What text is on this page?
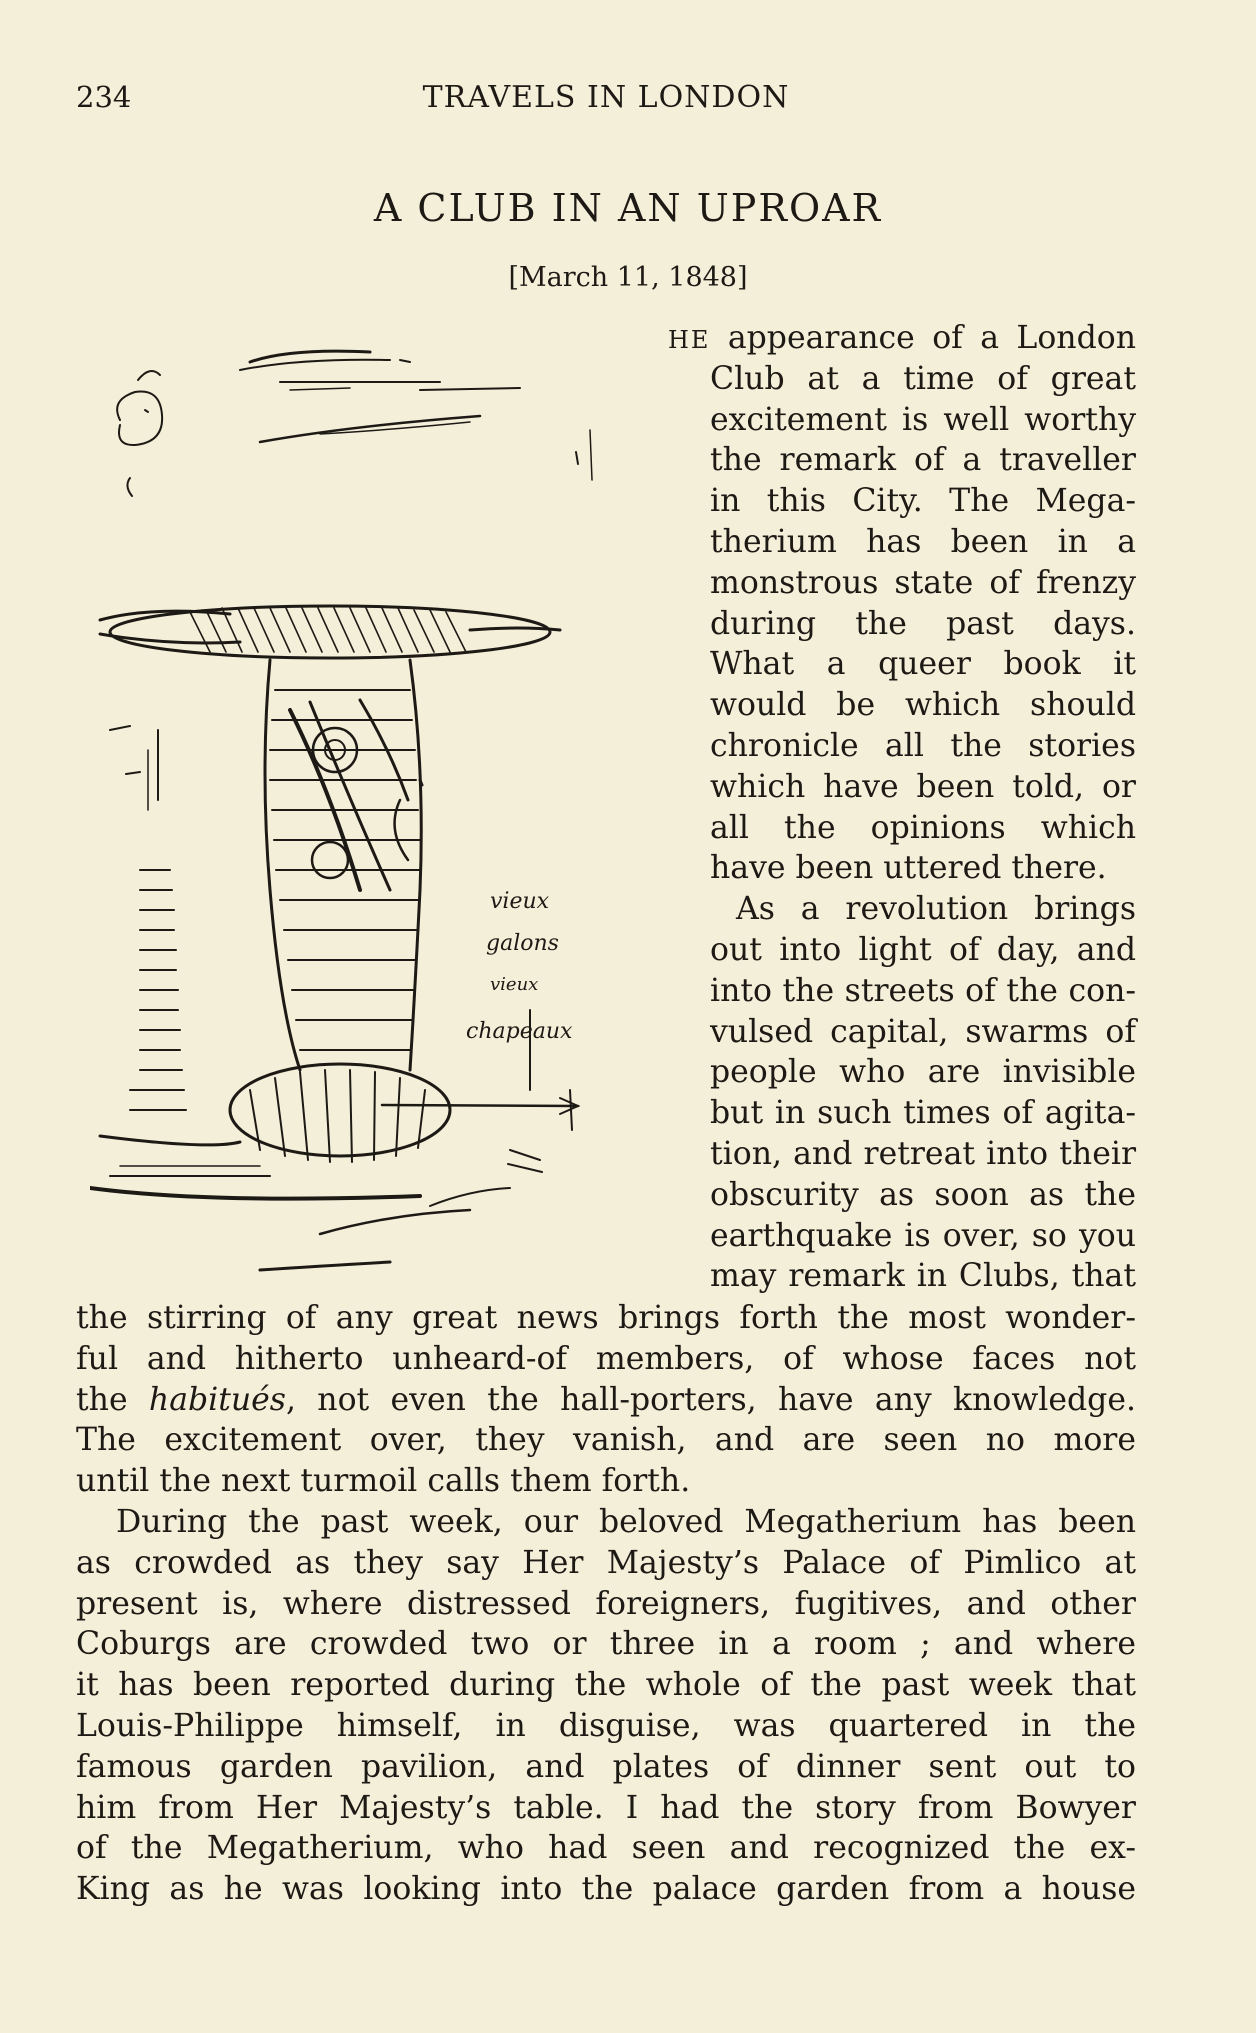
234	TRAVELS IN LONDON
A CLUB IN AN UPROAR
[March 11, 1848]
vieux
galons
vieux
chapeaux
HE appearance of a London
Club at a time of great
excitement is well worthy
the remark of a traveller
in this City. The Mega-
therium has been in a
monstrous state of frenzy
during the past days.
What a queer book it
would be which should
chronicle all the stories
which have been told, or
all the opinions which
have been uttered there.
As a revolution brings
out into light of day, and
into the streets of the con-
vulsed capital, swarms of
people who are invisible
but in such times of agita-
tion, and retreat into their
obscurity as soon as the
earthquake is over, so you
may remark in Clubs, that
the stirring of any great news brings forth the most wonder-
ful and hitherto unheard-of members, of whose faces not
the habitués, not even the hall-porters, have any knowledge.
The excitement over, they vanish, and are seen no more
until the next turmoil calls them forth.
During the past week, our beloved Megatherium has been
as crowded as they say Her Majesty’s Palace of Pimlico at
present is, where distressed foreigners, fugitives, and other
Coburgs are crowded two or three in a room ; and where
it has been reported during the whole of the past week that
Louis-Philippe himself, in disguise, was quartered in the
famous garden pavilion, and plates of dinner sent out to
him from Her Majesty’s table. I had the story from Bowyer
of the Megatherium, who had seen and recognized the ex-
King as he was looking into the palace garden from a house
